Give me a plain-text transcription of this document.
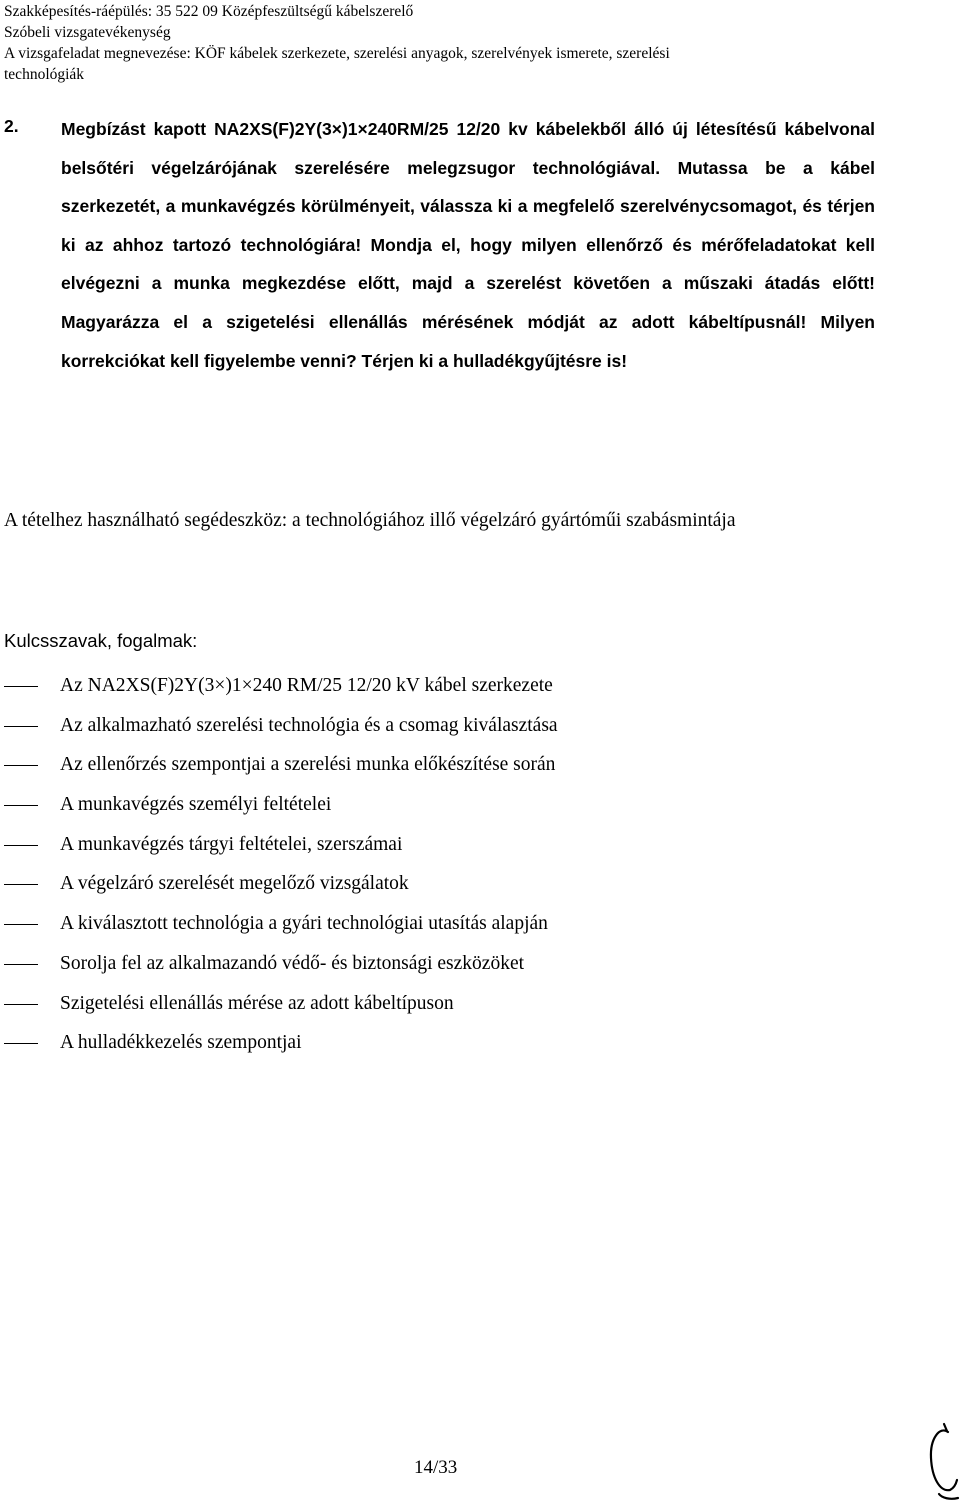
Szakképesítés-ráépülés: 35 522 09 Középfeszültségű kábelszerelő
Szóbeli vizsgatevékenység
A vizsgafeladat megnevezése: KÖF kábelek szerkezete, szerelési anyagok, szerelvények ismerete, szerelési
technológiák
2. Megbízást kapott NA2XS(F)2Y(3×)1×240RM/25 12/20 kv kábelekből álló új létesítésű kábelvonal belsőtéri végelzárójának szerelésére melegzsugor technológiával. Mutassa be a kábel szerkezetét, a munkavégzés körülményeit, válassza ki a megfelelő szerelvénycsomagot, és térjen ki az ahhoz tartozó technológiára! Mondja el, hogy milyen ellenőrző és mérőfeladatokat kell elvégezni a munka megkezdése előtt, majd a szerelést követően a műszaki átadás előtt! Magyarázza el a szigetelési ellenállás mérésének módját az adott kábeltípusnál! Milyen korrekciókat kell figyelembe venni? Térjen ki a hulladékgyűjtésre is!
A tételhez használható segédeszköz: a technológiához illő végelzáró gyártóműi szabásmintája
Kulcsszavak, fogalmak:
Az NA2XS(F)2Y(3×)1×240 RM/25 12/20 kV kábel szerkezete
Az alkalmazható szerelési technológia és a csomag kiválasztása
Az ellenőrzés szempontjai a szerelési munka előkészítése során
A munkavégzés személyi feltételei
A munkavégzés tárgyi feltételei, szerszámai
A végelzáró szerelését megelőző vizsgálatok
A kiválasztott technológia a gyári technológiai utasítás alapján
Sorolja fel az alkalmazandó védő- és biztonsági eszközöket
Szigetelési ellenállás mérése az adott kábeltípuson
A hulladékkezelés szempontjai
14/33
